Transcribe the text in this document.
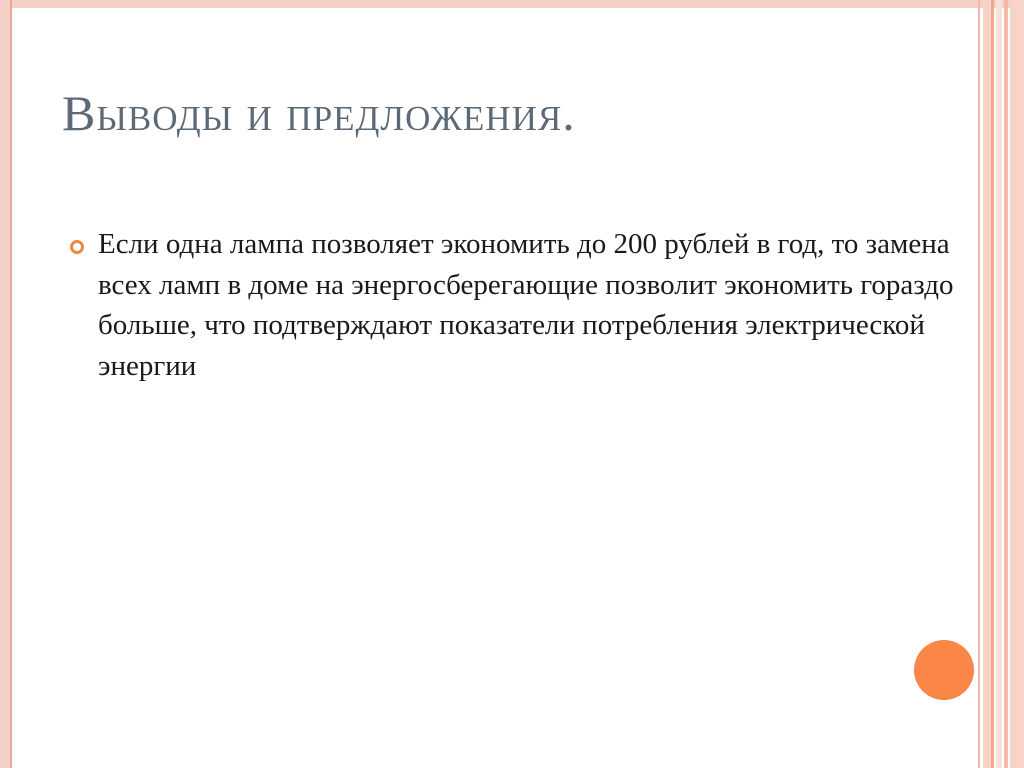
Выводы и предложения.
Если одна лампа позволяет экономить до 200 рублей в год, то замена всех ламп в доме на энергосберегающие позволит экономить гораздо больше, что подтверждают показатели потребления электрической энергии
